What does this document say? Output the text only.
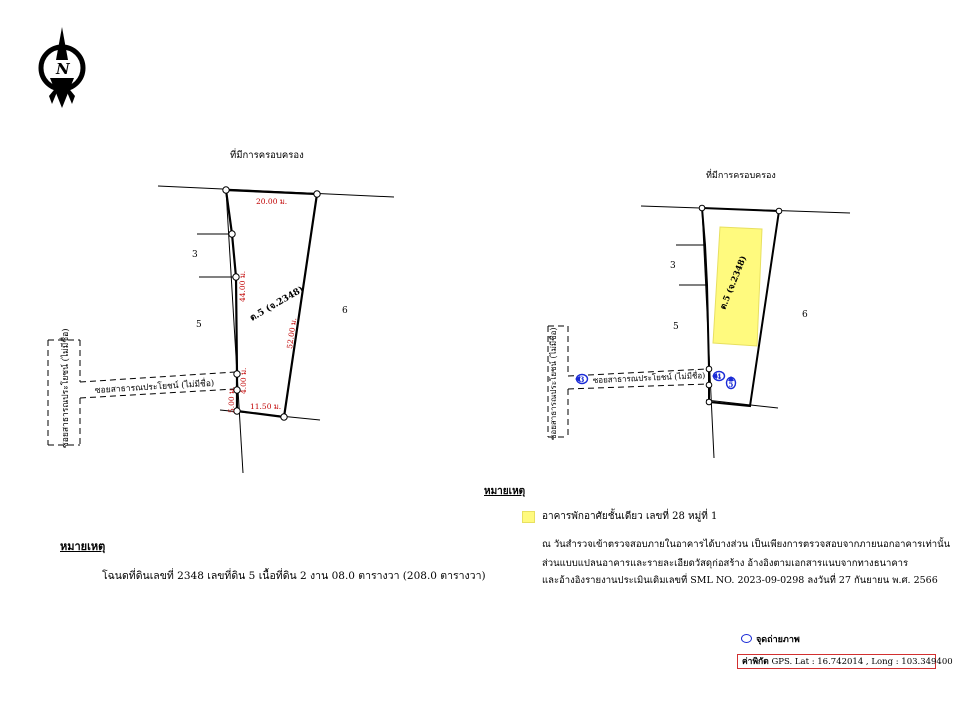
N
ที่มีการครอบครอง
20.00 ม.
44.00 ม.
52.00 ม.
4.00 ม.
5.00 ม. 11.50 ม.
ต.5 (จ.2348)
3
5
6
ซอยสาธารณประโยชน์ (ไม่มีชื่อ)
ซอยสาธารณประโยชน์ (ไม่มีชื่อ)
ที่มีการครอบครอง
ต.5 (จ.2348)
3
5
6
ซอยสาธารณประโยชน์ (ไม่มีชื่อ)
ซอยสาธารณประโยชน์ (ไม่มีชื่อ)	3	4
5
หมายเหตุ
โฉนดที่ดินเลขที่ 2348 เลขที่ดิน 5 เนื้อที่ดิน 2 งาน 08.0 ตารางวา (208.0 ตารางวา)
หมายเหตุ
อาคารพักอาศัยชั้นเดียว เลขที่ 28 หมู่ที่ 1
ณ วันสำรวจเข้าตรวจสอบภายในอาคารได้บางส่วน เป็นเพียงการตรวจสอบจากภายนอกอาคารเท่านั้น
ส่วนแบบแปลนอาคารและรายละเอียดวัสดุก่อสร้าง อ้างอิงตามเอกสารแนบจากทางธนาคาร
และอ้างอิงรายงานประเมินเดิมเลขที่ SML NO. 2023-09-0298 ลงวันที่ 27 กันยายน พ.ศ. 2566
จุดถ่ายภาพ
ค่าพิกัด GPS. Lat : 16.742014 , Long : 103.349400
